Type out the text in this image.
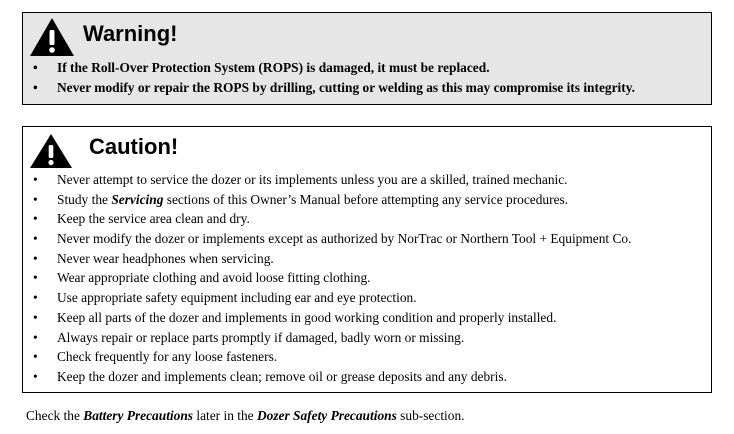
Warning!
• If the Roll-Over Protection System (ROPS) is damaged, it must be replaced.
• Never modify or repair the ROPS by drilling, cutting or welding as this may compromise its integrity.
Caution!
• Never attempt to service the dozer or its implements unless you are a skilled, trained mechanic.
• Study the Servicing sections of this Owner’s Manual before attempting any service procedures.
• Keep the service area clean and dry.
• Never modify the dozer or implements except as authorized by NorTrac or Northern Tool + Equipment Co.
• Never wear headphones when servicing.
• Wear appropriate clothing and avoid loose fitting clothing.
• Use appropriate safety equipment including ear and eye protection.
• Keep all parts of the dozer and implements in good working condition and properly installed.
• Always repair or replace parts promptly if damaged, badly worn or missing.
• Check frequently for any loose fasteners.
• Keep the dozer and implements clean; remove oil or grease deposits and any debris.
Check the Battery Precautions later in the Dozer Safety Precautions sub-section.
